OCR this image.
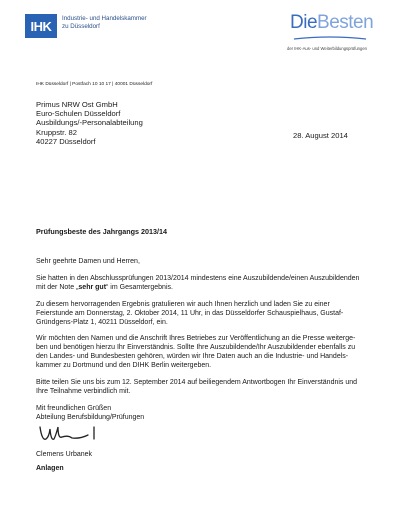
IHK	Industrie- und Handelskammer
zu Düsseldorf	DieBesten
der IHK-Aus- und Weiterbildungsprüfungen
IHK Düsseldorf | Postfach 10 10 17 | 40001 Düsseldorf
Primus NRW Ost GmbH
Euro-Schulen Düsseldorf
Ausbildungs/-Personalabteilung
Kruppstr. 82
40227 Düsseldorf
28. August 2014
Prüfungsbeste des Jahrgangs 2013/14
Sehr geehrte Damen und Herren,
Sie hatten in den Abschlussprüfungen 2013/2014 mindestens eine Auszubildende/einen Auszubildenden
mit der Note „sehr gut“ im Gesamtergebnis.
Zu diesem hervorragenden Ergebnis gratulieren wir auch Ihnen herzlich und laden Sie zu einer
Feierstunde am Donnerstag, 2. Oktober 2014, 11 Uhr, in das Düsseldorfer Schauspielhaus, Gustaf-
Gründgens-Platz 1, 40211 Düsseldorf, ein.
Wir möchten den Namen und die Anschrift Ihres Betriebes zur Veröffentlichung an die Presse weiterge-
ben und benötigen hierzu Ihr Einverständnis. Sollte Ihre Auszubildende/Ihr Auszubildender ebenfalls zu
den Landes- und Bundesbesten gehören, würden wir Ihre Daten auch an die Industrie- und Handels-
kammer zu Dortmund und den DIHK Berlin weitergeben.
Bitte teilen Sie uns bis zum 12. September 2014 auf beiliegendem Antwortbogen Ihr Einverständnis und
Ihre Teilnahme verbindlich mit.
Mit freundlichen Grüßen
Abteilung Berufsbildung/Prüfungen
Clemens Urbanek
Anlagen
